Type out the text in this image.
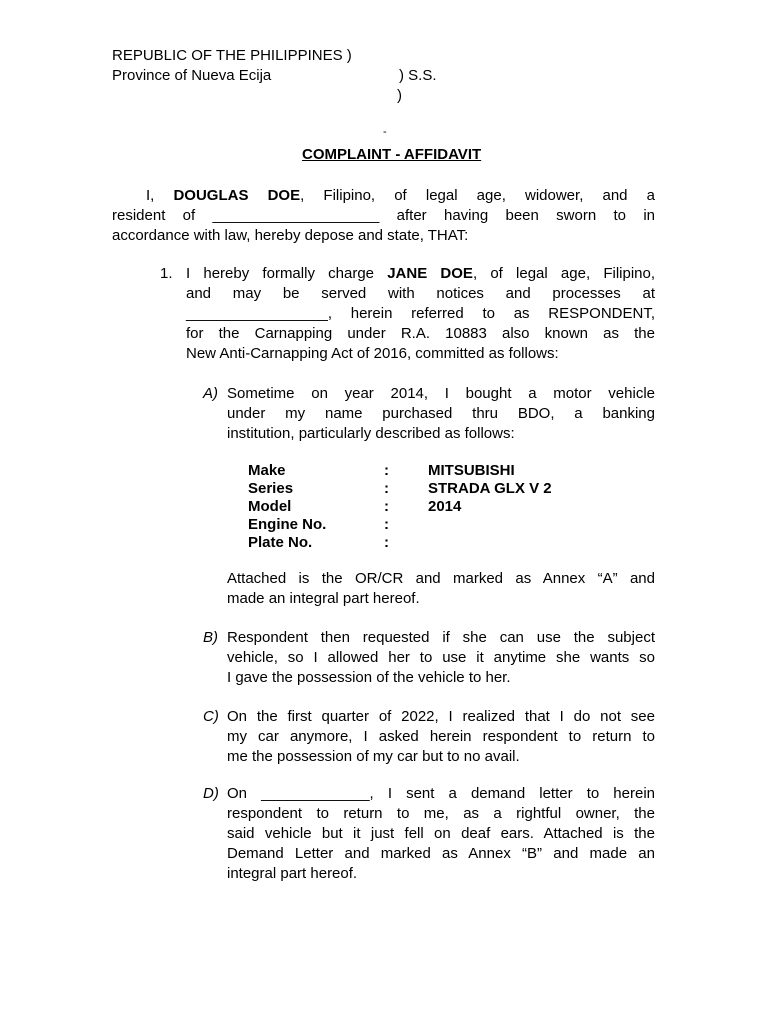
REPUBLIC OF THE PHILIPPINES )
Province of Nueva Ecija	) S.S.
)
-
COMPLAINT - AFFIDAVIT
I, DOUGLAS DOE, Filipino, of legal age, widower, and a
resident of ____________________ after having been sworn to in
accordance with law, hereby depose and state, THAT:
1. I hereby formally charge JANE DOE, of legal age, Filipino,
and may be served with notices and processes at
_________________, herein referred to as RESPONDENT,
for the Carnapping under R.A. 10883 also known as the
New Anti-Carnapping Act of 2016, committed as follows:
A) Sometime on year 2014, I bought a motor vehicle
under my name purchased thru BDO, a banking
institution, particularly described as follows:
Make	:	MITSUBISHI
Series	:	STRADA GLX V 2
Model	:	2014
Engine No.	:
Plate No.	:
Attached is the OR/CR and marked as Annex “A” and
made an integral part hereof.
B) Respondent then requested if she can use the subject
vehicle, so I allowed her to use it anytime she wants so
I gave the possession of the vehicle to her.
C) On the first quarter of 2022, I realized that I do not see
my car anymore, I asked herein respondent to return to
me the possession of my car but to no avail.
D) On _____________, I sent a demand letter to herein
respondent to return to me, as a rightful owner, the
said vehicle but it just fell on deaf ears. Attached is the
Demand Letter and marked as Annex “B” and made an
integral part hereof.
